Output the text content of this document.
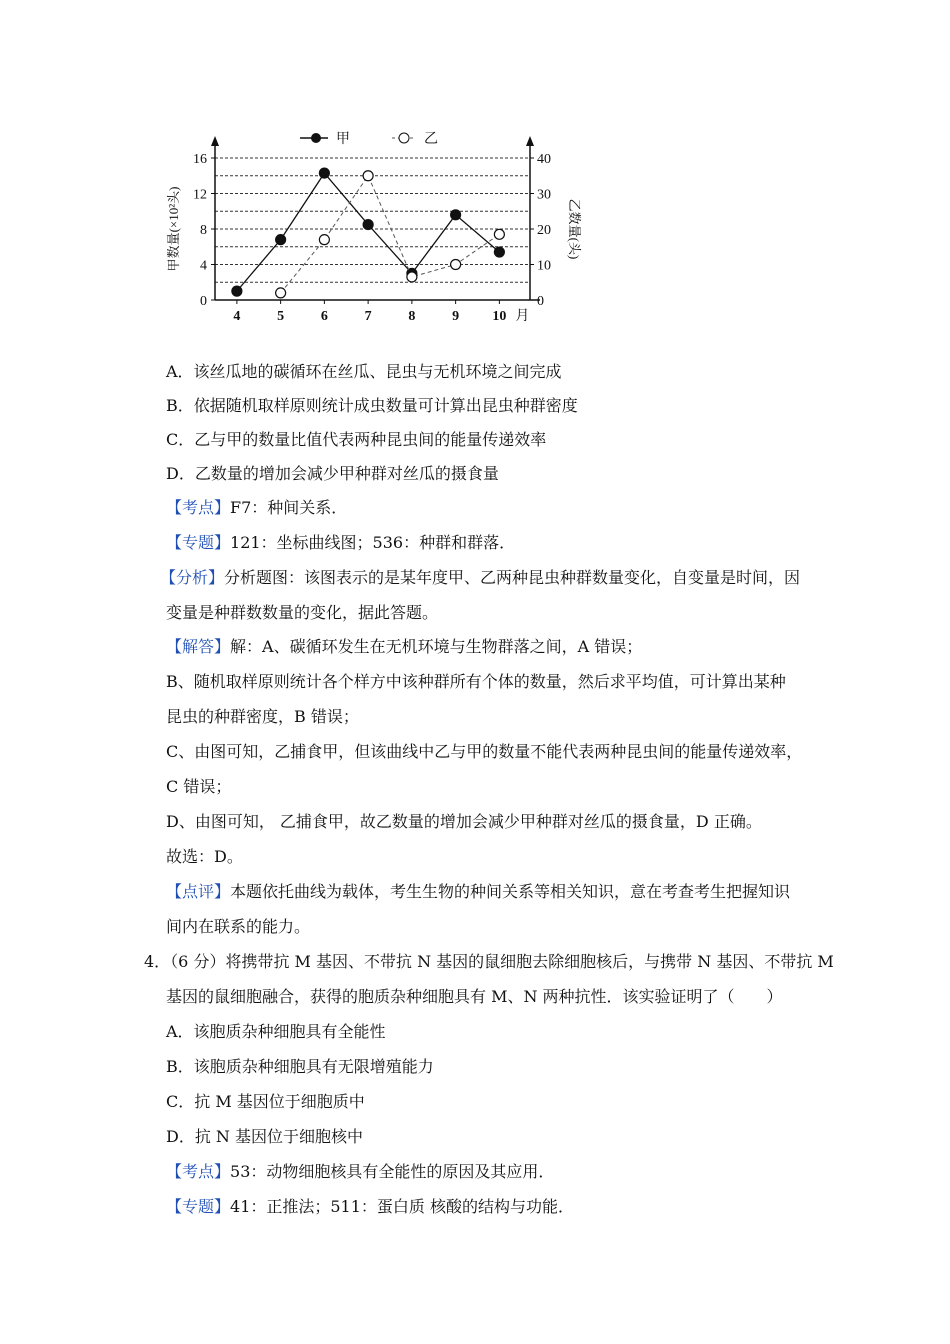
0
4
8
12
16
0
10
20
30
40
4	5	6	7	8	9 10 月
甲数量(×10²头)	乙数量(头)
甲	乙
A．该丝瓜地的碳循环在丝瓜、昆虫与无机环境之间完成
B．依据随机取样原则统计成虫数量可计算出昆虫种群密度
C．乙与甲的数量比值代表两种昆虫间的能量传递效率
D．乙数量的增加会减少甲种群对丝瓜的摄食量
【考点】F7：种间关系．
【专题】121：坐标曲线图；536：种群和群落．
【分析】分析题图：该图表示的是某年度甲、乙两种昆虫种群数量变化，自变量是时间，因
变量是种群数数量的变化，据此答题。
【解答】解：A、碳循环发生在无机环境与生物群落之间，A 错误；
B、随机取样原则统计各个样方中该种群所有个体的数量，然后求平均值，可计算出某种
昆虫的种群密度，B 错误；
C、由图可知，乙捕食甲，但该曲线中乙与甲的数量不能代表两种昆虫间的能量传递效率，
C 错误；
D、由图可知， 乙捕食甲，故乙数量的增加会减少甲种群对丝瓜的摄食量，D 正确。
故选：D。
【点评】本题依托曲线为载体，考生生物的种间关系等相关知识，意在考查考生把握知识
间内在联系的能力。
4．（6 分）将携带抗 M 基因、不带抗 N 基因的鼠细胞去除细胞核后，与携带 N 基因、不带抗 M
基因的鼠细胞融合，获得的胞质杂种细胞具有 M、N 两种抗性．该实验证明了（　　）
A．该胞质杂种细胞具有全能性
B．该胞质杂种细胞具有无限增殖能力
C．抗 M 基因位于细胞质中
D．抗 N 基因位于细胞核中
【考点】53：动物细胞核具有全能性的原因及其应用．
【专题】41：正推法；511：蛋白质 核酸的结构与功能．
